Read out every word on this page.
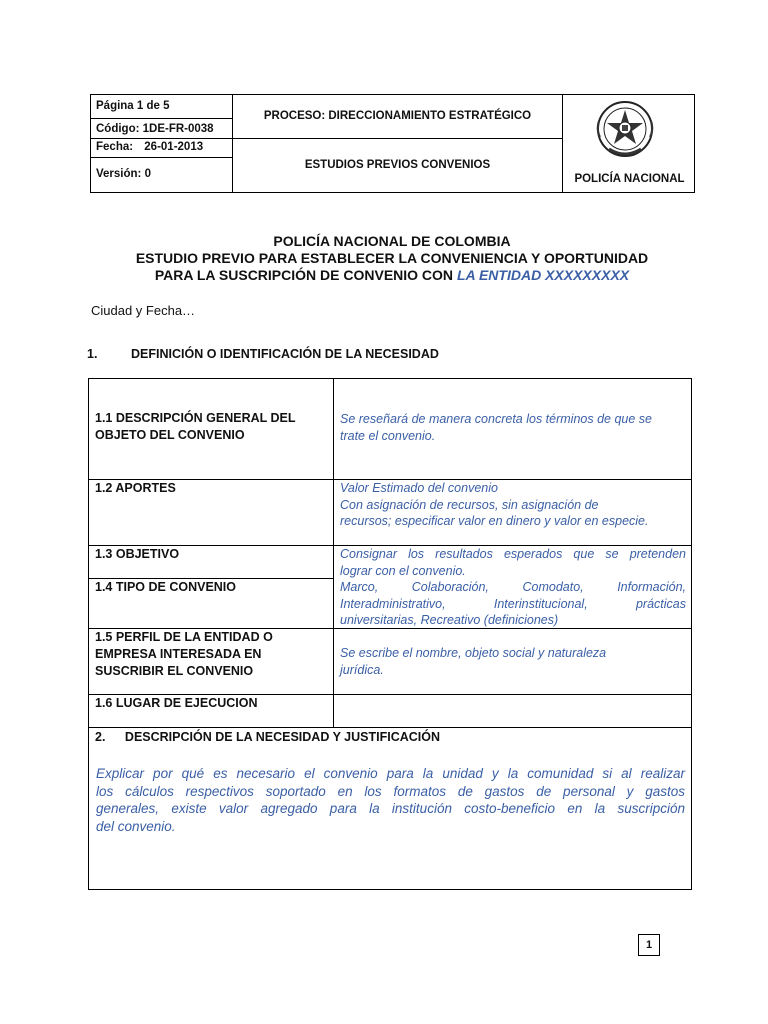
Página 1 de 5
Código: 1DE-FR-0038
Fecha: 26-01-2013
Versión: 0
PROCESO: DIRECCIONAMIENTO ESTRATÉGICO
ESTUDIOS PREVIOS CONVENIOS
POLICÍA NACIONAL
POLICÍA NACIONAL DE COLOMBIA
ESTUDIO PREVIO PARA ESTABLECER LA CONVENIENCIA Y OPORTUNIDAD
PARA LA SUSCRIPCIÓN DE CONVENIO CON LA ENTIDAD XXXXXXXXX
Ciudad y Fecha…
1.	DEFINICIÓN O IDENTIFICACIÓN DE LA NECESIDAD
1.1 DESCRIPCIÓN GENERAL DEL
OBJETO DEL CONVENIO
Se reseñará de manera concreta los términos de que se
trate el convenio.
1.2 APORTES	Valor Estimado del convenio
Con asignación de recursos, sin asignación de
recursos; especificar valor en dinero y valor en especie.
1.3 OBJETIVO
1.4 TIPO DE CONVENIO
Consignar los resultados esperados que se pretenden
lograr con el convenio.
Marco, Colaboración, Comodato, Información,
Interadministrativo, Interinstitucional, prácticas
universitarias, Recreativo (definiciones)
1.5 PERFIL DE LA ENTIDAD O
EMPRESA INTERESADA EN
SUSCRIBIR EL CONVENIO
Se escribe el nombre, objeto social y naturaleza
jurídica.
1.6 LUGAR DE EJECUCION
2. DESCRIPCIÓN DE LA NECESIDAD Y JUSTIFICACIÓN
Explicar por qué es necesario el convenio para la unidad y la comunidad si al realizar
los cálculos respectivos soportado en los formatos de gastos de personal y gastos
generales, existe valor agregado para la institución costo-beneficio en la suscripción
del convenio.
1
